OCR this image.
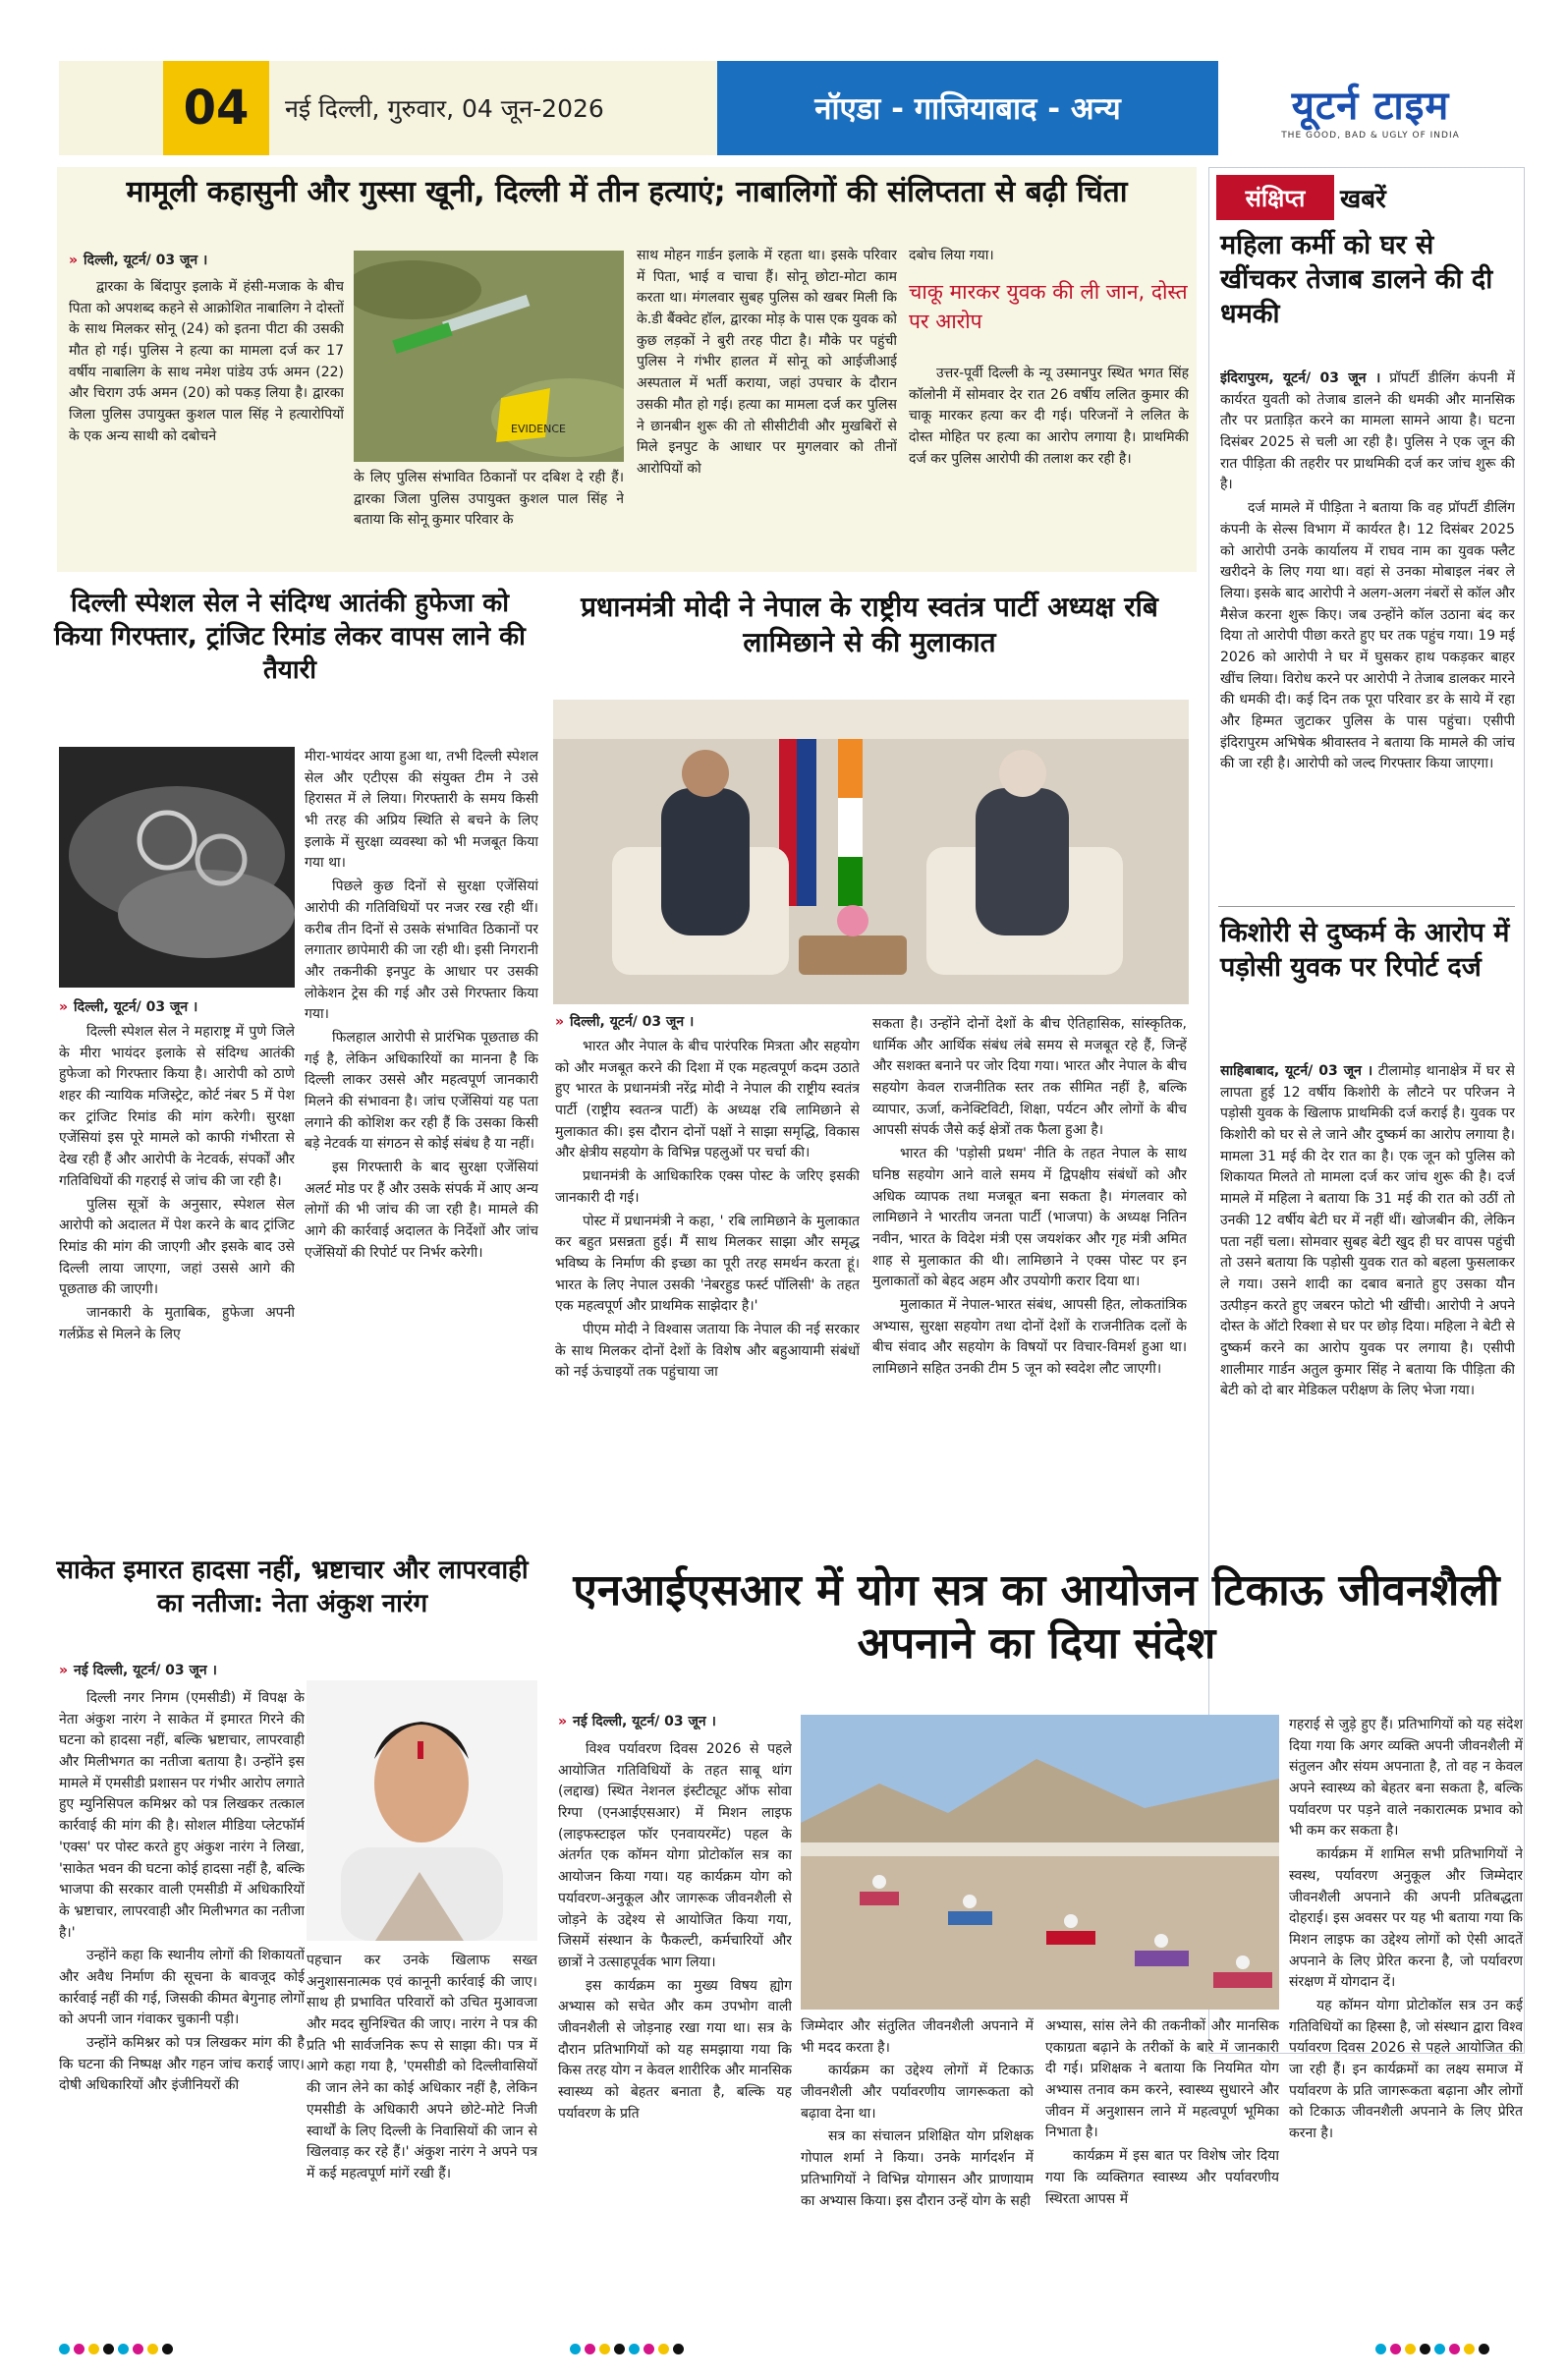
04	नई दिल्ली, गुरुवार, 04 जून-2026	नॉएडा - गाजियाबाद - अन्य	यूटर्न टाइम
THE GOOD, BAD & UGLY OF INDIA
मामूली कहासुनी और गुस्सा खूनी, दिल्ली में तीन हत्याएं; नाबालिगों की संलिप्तता से बढ़ी चिंता
» दिल्ली, यूटर्न/ 03 जून ।

द्वारका के बिंदापुर इलाके में हंसी-मजाक के बीच पिता को अपशब्द कहने से आक्रोशित नाबालिग ने दोस्तों के साथ मिलकर सोनू (24) को इतना पीटा की उसकी मौत हो गई। पुलिस ने हत्या का मामला दर्ज कर 17 वर्षीय नाबालिग के साथ नमेश पांडेय उर्फ अमन (22) और चिराग उर्फ अमन (20) को पकड़ लिया है। द्वारका जिला पुलिस उपायुक्त कुशल पाल सिंह ने हत्यारोपियों के एक अन्य साथी को दबोचने	EVIDENCE

के लिए पुलिस संभावित ठिकानों पर दबिश दे रही हैं। द्वारका जिला पुलिस उपायुक्त कुशल पाल सिंह ने बताया कि सोनू कुमार परिवार के

साथ मोहन गार्डन इलाके में रहता था। इसके परिवार में पिता, भाई व चाचा हैं। सोनू छोटा-मोटा काम करता था। मंगलवार सुबह पुलिस को खबर मिली कि के.डी बैंक्वेट हॉल, द्वारका मोड़ के पास एक युवक को कुछ लड़कों ने बुरी तरह पीटा है। मौके पर पहुंची पुलिस ने गंभीर हालत में सोनू को आईजीआई अस्पताल में भर्ती कराया, जहां उपचार के दौरान उसकी मौत हो गई। हत्या का मामला दर्ज कर पुलिस ने छानबीन शुरू की तो सीसीटीवी और मुखबिरों से मिले इनपुट के आधार पर मुगलवार को तीनों आरोपियों को

दबोच लिया गया।

चाकू मारकर युवक की ली जान, दोस्त पर आरोप

उत्तर-पूर्वी दिल्ली के न्यू उस्मानपुर स्थित भगत सिंह कॉलोनी में सोमवार देर रात 26 वर्षीय ललित कुमार की चाकू मारकर हत्या कर दी गई। परिजनों ने ललित के दोस्त मोहित पर हत्या का आरोप लगाया है। प्राथमिकी दर्ज कर पुलिस आरोपी की तलाश कर रही है।

संक्षिप्त	खबरें
महिला कर्मी को घर से खींचकर तेजाब डालने की दी धमकी

इंदिरापुरम, यूटर्न/ 03 जून । प्रॉपर्टी डीलिंग कंपनी में कार्यरत युवती को तेजाब डालने की धमकी और मानसिक तौर पर प्रताड़ित करने का मामला सामने आया है। घटना दिसंबर 2025 से चली आ रही है। पुलिस ने एक जून की रात पीड़िता की तहरीर पर प्राथमिकी दर्ज कर जांच शुरू की है।

दर्ज मामले में पीड़िता ने बताया कि वह प्रॉपर्टी डीलिंग कंपनी के सेल्स विभाग में कार्यरत है। 12 दिसंबर 2025 को आरोपी उनके कार्यालय में राघव नाम का युवक फ्लैट खरीदने के लिए गया था। वहां से उनका मोबाइल नंबर ले लिया। इसके बाद आरोपी ने अलग-अलग नंबरों से कॉल और मैसेज करना शुरू किए। जब उन्होंने कॉल उठाना बंद कर दिया तो आरोपी पीछा करते हुए घर तक पहुंच गया। 19 मई 2026 को आरोपी ने घर में घुसकर हाथ पकड़कर बाहर खींच लिया। विरोध करने पर आरोपी ने तेजाब डालकर मारने की धमकी दी। कई दिन तक पूरा परिवार डर के साये में रहा और हिम्मत जुटाकर पुलिस के पास पहुंचा। एसीपी इंदिरापुरम अभिषेक श्रीवास्तव ने बताया कि मामले की जांच की जा रही है। आरोपी को जल्द गिरफ्तार किया जाएगा।

किशोरी से दुष्कर्म के आरोप में पड़ोसी युवक पर रिपोर्ट दर्ज

साहिबाबाद, यूटर्न/ 03 जून । टीलामोड़ थानाक्षेत्र में घर से लापता हुई 12 वर्षीय किशोरी के लौटने पर परिजन ने पड़ोसी युवक के खिलाफ प्राथमिकी दर्ज कराई है। युवक पर किशोरी को घर से ले जाने और दुष्कर्म का आरोप लगाया है। मामला 31 मई की देर रात का है। एक जून को पुलिस को शिकायत मिलते तो मामला दर्ज कर जांच शुरू की है। दर्ज मामले में महिला ने बताया कि 31 मई की रात को उठीं तो उनकी 12 वर्षीय बेटी घर में नहीं थीं। खोजबीन की, लेकिन पता नहीं चला। सोमवार सुबह बेटी खुद ही घर वापस पहुंची तो उसने बताया कि पड़ोसी युवक रात को बहला फुसलाकर ले गया। उसने शादी का दबाव बनाते हुए उसका यौन उत्पीड़न करते हुए जबरन फोटो भी खींची। आरोपी ने अपने दोस्त के ऑटो रिक्शा से घर पर छोड़ दिया। महिला ने बेटी से दुष्कर्म करने का आरोप युवक पर लगाया है। एसीपी शालीमार गार्डन अतुल कुमार सिंह ने बताया कि पीड़िता की बेटी को दो बार मेडिकल परीक्षण के लिए भेजा गया।

दिल्ली स्पेशल सेल ने संदिग्ध आतंकी हुफेजा को किया गिरफ्तार, ट्रांजिट रिमांड लेकर वापस लाने की तैयारी
» दिल्ली, यूटर्न/ 03 जून ।

दिल्ली स्पेशल सेल ने महाराष्ट्र में पुणे जिले के मीरा भायंदर इलाके से संदिग्ध आतंकी हुफेजा को गिरफ्तार किया है। आरोपी को ठाणे शहर की न्यायिक मजिस्ट्रेट, कोर्ट नंबर 5 में पेश कर ट्रांजिट रिमांड की मांग करेगी। सुरक्षा एजेंसियां इस पूरे मामले को काफी गंभीरता से देख रही हैं और आरोपी के नेटवर्क, संपर्कों और गतिविधियों की गहराई से जांच की जा रही है।

पुलिस सूत्रों के अनुसार, स्पेशल सेल आरोपी को अदालत में पेश करने के बाद ट्रांजिट रिमांड की मांग की जाएगी और इसके बाद उसे दिल्ली लाया जाएगा, जहां उससे आगे की पूछताछ की जाएगी।

जानकारी के मुताबिक, हुफेजा अपनी गर्लफ्रेंड से मिलने के लिए

मीरा-भायंदर आया हुआ था, तभी दिल्ली स्पेशल सेल और एटीएस की संयुक्त टीम ने उसे हिरासत में ले लिया। गिरफ्तारी के समय किसी भी तरह की अप्रिय स्थिति से बचने के लिए इलाके में सुरक्षा व्यवस्था को भी मजबूत किया गया था।

पिछले कुछ दिनों से सुरक्षा एजेंसियां आरोपी की गतिविधियों पर नजर रख रही थीं। करीब तीन दिनों से उसके संभावित ठिकानों पर लगातार छापेमारी की जा रही थी। इसी निगरानी और तकनीकी इनपुट के आधार पर उसकी लोकेशन ट्रेस की गई और उसे गिरफ्तार किया गया।

फिलहाल आरोपी से प्रारंभिक पूछताछ की गई है, लेकिन अधिकारियों का मानना है कि दिल्ली लाकर उससे और महत्वपूर्ण जानकारी मिलने की संभावना है। जांच एजेंसियां यह पता लगाने की कोशिश कर रही हैं कि उसका किसी बड़े नेटवर्क या संगठन से कोई संबंध है या नहीं।

इस गिरफ्तारी के बाद सुरक्षा एजेंसियां अलर्ट मोड पर हैं और उसके संपर्क में आए अन्य लोगों की भी जांच की जा रही है। मामले की आगे की कार्रवाई अदालत के निर्देशों और जांच एजेंसियों की रिपोर्ट पर निर्भर करेगी।

प्रधानमंत्री मोदी ने नेपाल के राष्ट्रीय स्वतंत्र पार्टी अध्यक्ष रबि लामिछाने से की मुलाकात
» दिल्ली, यूटर्न/ 03 जून ।

भारत और नेपाल के बीच पारंपरिक मित्रता और सहयोग को और मजबूत करने की दिशा में एक महत्वपूर्ण कदम उठाते हुए भारत के प्रधानमंत्री नरेंद्र मोदी ने नेपाल की राष्ट्रीय स्वतंत्र पार्टी (राष्ट्रीय स्वतन्त्र पार्टी) के अध्यक्ष रबि लामिछाने से मुलाकात की। इस दौरान दोनों पक्षों ने साझा समृद्धि, विकास और क्षेत्रीय सहयोग के विभिन्न पहलुओं पर चर्चा की।

प्रधानमंत्री के आधिकारिक एक्स पोस्ट के जरिए इसकी जानकारी दी गई।

पोस्ट में प्रधानमंत्री ने कहा, ' रबि लामिछाने के मुलाकात कर बहुत प्रसन्नता हुई। मैं साथ मिलकर साझा और समृद्ध भविष्य के निर्माण की इच्छा का पूरी तरह समर्थन करता हूं। भारत के लिए नेपाल उसकी 'नेबरहुड फर्स्ट पॉलिसी' के तहत एक महत्वपूर्ण और प्राथमिक साझेदार है।'

पीएम मोदी ने विश्वास जताया कि नेपाल की नई सरकार के साथ मिलकर दोनों देशों के विशेष और बहुआयामी संबंधों को नई ऊंचाइयों तक पहुंचाया जा

सकता है। उन्होंने दोनों देशों के बीच ऐतिहासिक, सांस्कृतिक, धार्मिक और आर्थिक संबंध लंबे समय से मजबूत रहे हैं, जिन्हें और सशक्त बनाने पर जोर दिया गया। भारत और नेपाल के बीच सहयोग केवल राजनीतिक स्तर तक सीमित नहीं है, बल्कि व्यापार, ऊर्जा, कनेक्टिविटी, शिक्षा, पर्यटन और लोगों के बीच आपसी संपर्क जैसे कई क्षेत्रों तक फैला हुआ है।

भारत की 'पड़ोसी प्रथम' नीति के तहत नेपाल के साथ घनिष्ठ सहयोग आने वाले समय में द्विपक्षीय संबंधों को और अधिक व्यापक तथा मजबूत बना सकता है। मंगलवार को लामिछाने ने भारतीय जनता पार्टी (भाजपा) के अध्यक्ष नितिन नवीन, भारत के विदेश मंत्री एस जयशंकर और गृह मंत्री अमित शाह से मुलाकात की थी। लामिछाने ने एक्स पोस्ट पर इन मुलाकातों को बेहद अहम और उपयोगी करार दिया था।

मुलाकात में नेपाल-भारत संबंध, आपसी हित, लोकतांत्रिक अभ्यास, सुरक्षा सहयोग तथा दोनों देशों के राजनीतिक दलों के बीच संवाद और सहयोग के विषयों पर विचार-विमर्श हुआ था। लामिछाने सहित उनकी टीम 5 जून को स्वदेश लौट जाएगी।

साकेत इमारत हादसा नहीं, भ्रष्टाचार और लापरवाही का नतीजा: नेता अंकुश नारंग
» नई दिल्ली, यूटर्न/ 03 जून ।

दिल्ली नगर निगम (एमसीडी) में विपक्ष के नेता अंकुश नारंग ने साकेत में इमारत गिरने की घटना को हादसा नहीं, बल्कि भ्रष्टाचार, लापरवाही और मिलीभगत का नतीजा बताया है। उन्होंने इस मामले में एमसीडी प्रशासन पर गंभीर आरोप लगाते हुए म्युनिसिपल कमिश्नर को पत्र लिखकर तत्काल कार्रवाई की मांग की है। सोशल मीडिया प्लेटफॉर्म 'एक्स' पर पोस्ट करते हुए अंकुश नारंग ने लिखा, 'साकेत भवन की घटना कोई हादसा नहीं है, बल्कि भाजपा की सरकार वाली एमसीडी में अधिकारियों के भ्रष्टाचार, लापरवाही और मिलीभगत का नतीजा है।'

उन्होंने कहा कि स्थानीय लोगों की शिकायतों और अवैध निर्माण की सूचना के बावजूद कोई कार्रवाई नहीं की गई, जिसकी कीमत बेगुनाह लोगों को अपनी जान गंवाकर चुकानी पड़ी।

उन्होंने कमिश्नर को पत्र लिखकर मांग की है कि घटना की निष्पक्ष और गहन जांच कराई जाए। दोषी अधिकारियों और इंजीनियरों की

पहचान कर उनके खिलाफ सख्त अनुशासनात्मक एवं कानूनी कार्रवाई की जाए। साथ ही प्रभावित परिवारों को उचित मुआवजा और मदद सुनिश्चित की जाए। नारंग ने पत्र की प्रति भी सार्वजनिक रूप से साझा की। पत्र में आगे कहा गया है, 'एमसीडी को दिल्लीवासियों की जान लेने का कोई अधिकार नहीं है, लेकिन एमसीडी के अधिकारी अपने छोटे-मोटे निजी स्वार्थों के लिए दिल्ली के निवासियों की जान से खिलवाड़ कर रहे हैं।' अंकुश नारंग ने अपने पत्र में कई महत्वपूर्ण मांगें रखी हैं।

एनआईएसआर में योग सत्र का आयोजन टिकाऊ जीवनशैली अपनाने का दिया संदेश
» नई दिल्ली, यूटर्न/ 03 जून ।

विश्व पर्यावरण दिवस 2026 से पहले आयोजित गतिविधियों के तहत साबू थांग (लद्दाख) स्थित नेशनल इंस्टीट्यूट ऑफ सोवा रिग्पा (एनआईएसआर) में मिशन लाइफ (लाइफस्टाइल फॉर एनवायरमेंट) पहल के अंतर्गत एक कॉमन योगा प्रोटोकॉल सत्र का आयोजन किया गया। यह कार्यक्रम योग को पर्यावरण-अनुकूल और जागरूक जीवनशैली से जोड़ने के उद्देश्य से आयोजित किया गया, जिसमें संस्थान के फैकल्टी, कर्मचारियों और छात्रों ने उत्साहपूर्वक भाग लिया।

इस कार्यक्रम का मुख्य विषय ह्योग अभ्यास को सचेत और कम उपभोग वाली जीवनशैली से जोड़नाह रखा गया था। सत्र के दौरान प्रतिभागियों को यह समझाया गया कि किस तरह योग न केवल शारीरिक और मानसिक स्वास्थ्य को बेहतर बनाता है, बल्कि यह पर्यावरण के प्रति

जिम्मेदार और संतुलित जीवनशैली अपनाने में भी मदद करता है।

कार्यक्रम का उद्देश्य लोगों में टिकाऊ जीवनशैली और पर्यावरणीय जागरूकता को बढ़ावा देना था।

सत्र का संचालन प्रशिक्षित योग प्रशिक्षक गोपाल शर्मा ने किया। उनके मार्गदर्शन में प्रतिभागियों ने विभिन्न योगासन और प्राणायाम का अभ्यास किया। इस दौरान उन्हें योग के सही

अभ्यास, सांस लेने की तकनीकों और मानसिक एकाग्रता बढ़ाने के तरीकों के बारे में जानकारी दी गई। प्रशिक्षक ने बताया कि नियमित योग अभ्यास तनाव कम करने, स्वास्थ्य सुधारने और जीवन में अनुशासन लाने में महत्वपूर्ण भूमिका निभाता है।

कार्यक्रम में इस बात पर विशेष जोर दिया गया कि व्यक्तिगत स्वास्थ्य और पर्यावरणीय स्थिरता आपस में

गहराई से जुड़े हुए हैं। प्रतिभागियों को यह संदेश दिया गया कि अगर व्यक्ति अपनी जीवनशैली में संतुलन और संयम अपनाता है, तो वह न केवल अपने स्वास्थ्य को बेहतर बना सकता है, बल्कि पर्यावरण पर पड़ने वाले नकारात्मक प्रभाव को भी कम कर सकता है।

कार्यक्रम में शामिल सभी प्रतिभागियों ने स्वस्थ, पर्यावरण अनुकूल और जिम्मेदार जीवनशैली अपनाने की अपनी प्रतिबद्धता दोहराई। इस अवसर पर यह भी बताया गया कि मिशन लाइफ का उद्देश्य लोगों को ऐसी आदतें अपनाने के लिए प्रेरित करना है, जो पर्यावरण संरक्षण में योगदान दें।

यह कॉमन योगा प्रोटोकॉल सत्र उन कई गतिविधियों का हिस्सा है, जो संस्थान द्वारा विश्व पर्यावरण दिवस 2026 से पहले आयोजित की जा रही हैं। इन कार्यक्रमों का लक्ष्य समाज में पर्यावरण के प्रति जागरूकता बढ़ाना और लोगों को टिकाऊ जीवनशैली अपनाने के लिए प्रेरित करना है।
